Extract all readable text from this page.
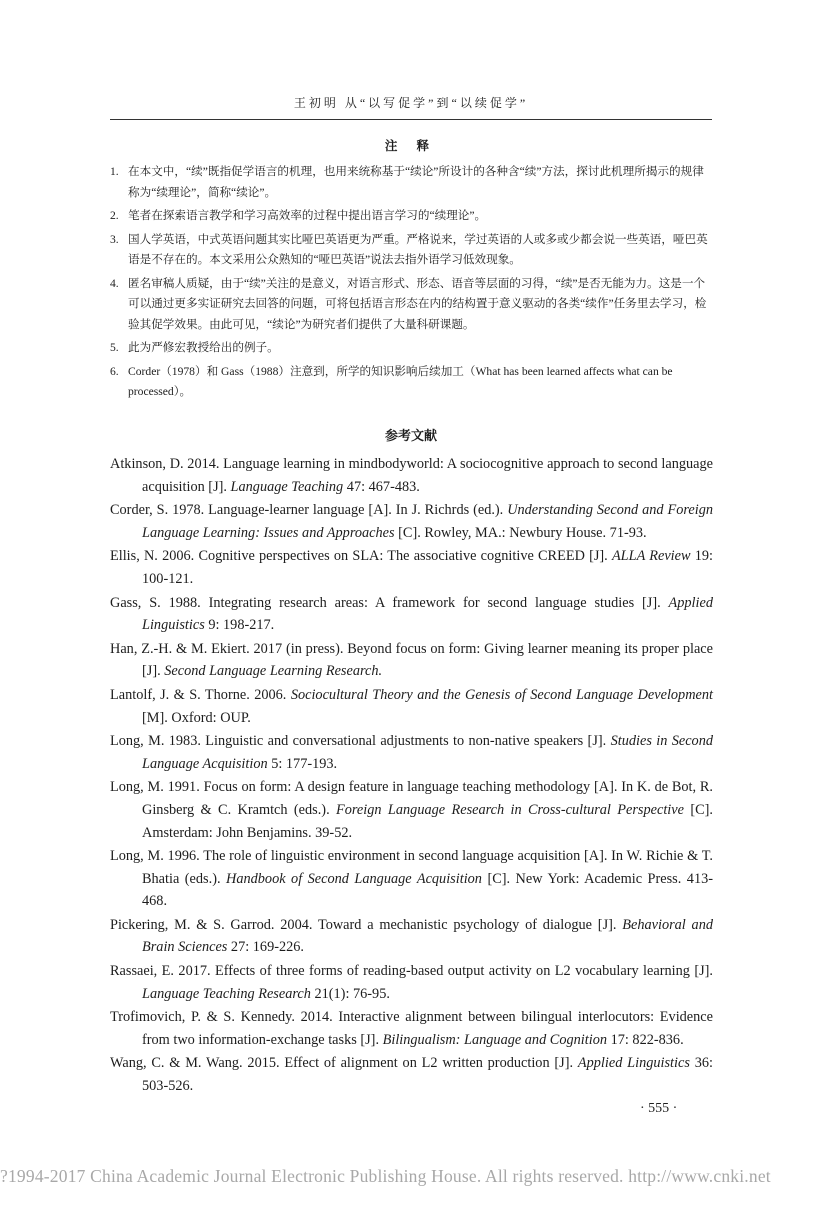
王初明 从“以写促学”到“以续促学”
注 释
1. 在本文中，“续”既指促学语言的机理，也用来统称基于“续论”所设计的各种含“续”方法，探讨此机理所揭示的规律称为“续理论”，简称“续论”。
2. 笔者在探索语言教学和学习高效率的过程中提出语言学习的“续理论”。
3. 国人学英语，中式英语问题其实比哑巴英语更为严重。严格说来，学过英语的人或多或少都会说一些英语，哑巴英语是不存在的。本文采用公众熟知的“哑巴英语”说法去指外语学习低效现象。
4. 匿名审稿人质疑，由于“续”关注的是意义，对语言形式、形态、语音等层面的习得，“续”是否无能为力。这是一个可以通过更多实证研究去回答的问题，可将包括语言形态在内的结构置于意义驱动的各类“续作”任务里去学习，检验其促学效果。由此可见，“续论”为研究者们提供了大量科研课题。
5. 此为严修宏教授给出的例子。
6. Corder（1978）和 Gass（1988）注意到，所学的知识影响后续加工（What has been learned affects what can be processed）。
参考文献
Atkinson, D. 2014. Language learning in mindbodyworld: A sociocognitive approach to second language acquisition [J]. Language Teaching 47: 467-483.
Corder, S. 1978. Language-learner language [A]. In J. Richrds (ed.). Understanding Second and Foreign Language Learning: Issues and Approaches [C]. Rowley, MA.: Newbury House. 71-93.
Ellis, N. 2006. Cognitive perspectives on SLA: The associative cognitive CREED [J]. ALLA Review 19: 100-121.
Gass, S. 1988. Integrating research areas: A framework for second language studies [J]. Applied Linguistics 9: 198-217.
Han, Z.-H. & M. Ekiert. 2017 (in press). Beyond focus on form: Giving learner meaning its proper place [J]. Second Language Learning Research.
Lantolf, J. & S. Thorne. 2006. Sociocultural Theory and the Genesis of Second Language Development [M]. Oxford: OUP.
Long, M. 1983. Linguistic and conversational adjustments to non-native speakers [J]. Studies in Second Language Acquisition 5: 177-193.
Long, M. 1991. Focus on form: A design feature in language teaching methodology [A]. In K. de Bot, R. Ginsberg & C. Kramtch (eds.). Foreign Language Research in Cross-cultural Perspective [C]. Amsterdam: John Benjamins. 39-52.
Long, M. 1996. The role of linguistic environment in second language acquisition [A]. In W. Richie & T. Bhatia (eds.). Handbook of Second Language Acquisition [C]. New York: Academic Press. 413-468.
Pickering, M. & S. Garrod. 2004. Toward a mechanistic psychology of dialogue [J]. Behavioral and Brain Sciences 27: 169-226.
Rassaei, E. 2017. Effects of three forms of reading-based output activity on L2 vocabulary learning [J]. Language Teaching Research 21(1): 76-95.
Trofimovich, P. & S. Kennedy. 2014. Interactive alignment between bilingual interlocutors: Evidence from two information-exchange tasks [J]. Bilingualism: Language and Cognition 17: 822-836.
Wang, C. & M. Wang. 2015. Effect of alignment on L2 written production [J]. Applied Linguistics 36: 503-526.
· 555 ·
?1994-2017 China Academic Journal Electronic Publishing House. All rights reserved. http://www.cnki.net
